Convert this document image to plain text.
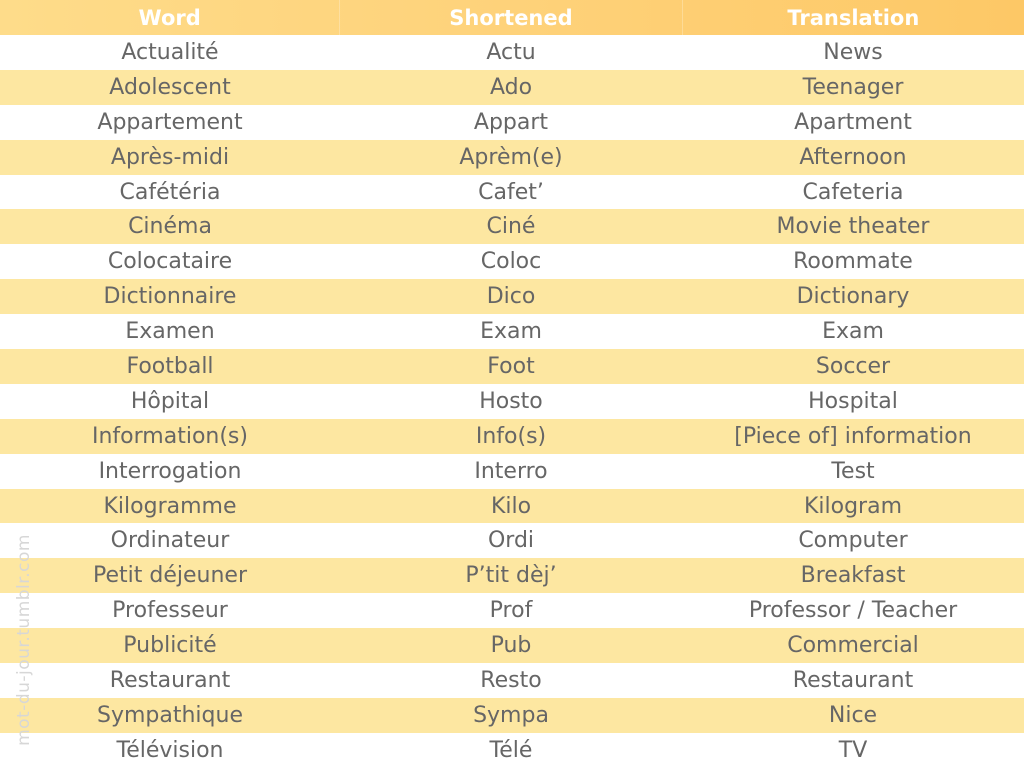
Word	Shortened	Translation
Actualité	Actu	News
Adolescent	Ado	Teenager
Appartement	Appart	Apartment
Après-midi	Aprèm(e)	Afternoon
Cafétéria	Cafet’	Cafeteria
Cinéma	Ciné	Movie theater
Colocataire	Coloc	Roommate
Dictionnaire	Dico	Dictionary
Examen	Exam	Exam
Football	Foot	Soccer
Hôpital	Hosto	Hospital
Information(s)	Info(s)	[Piece of] information
Interrogation	Interro	Test
Kilogramme	Kilo	Kilogram
Ordinateur	Ordi	Computer
Petit déjeuner	P’tit dèj’	Breakfast
Professeur	Prof	Professor / Teacher
Publicité	Pub	Commercial
Restaurant	Resto	Restaurant
Sympathique	Sympa	Nice
Télévision	Télé	TV
mot-du-jour.tumblr.com
